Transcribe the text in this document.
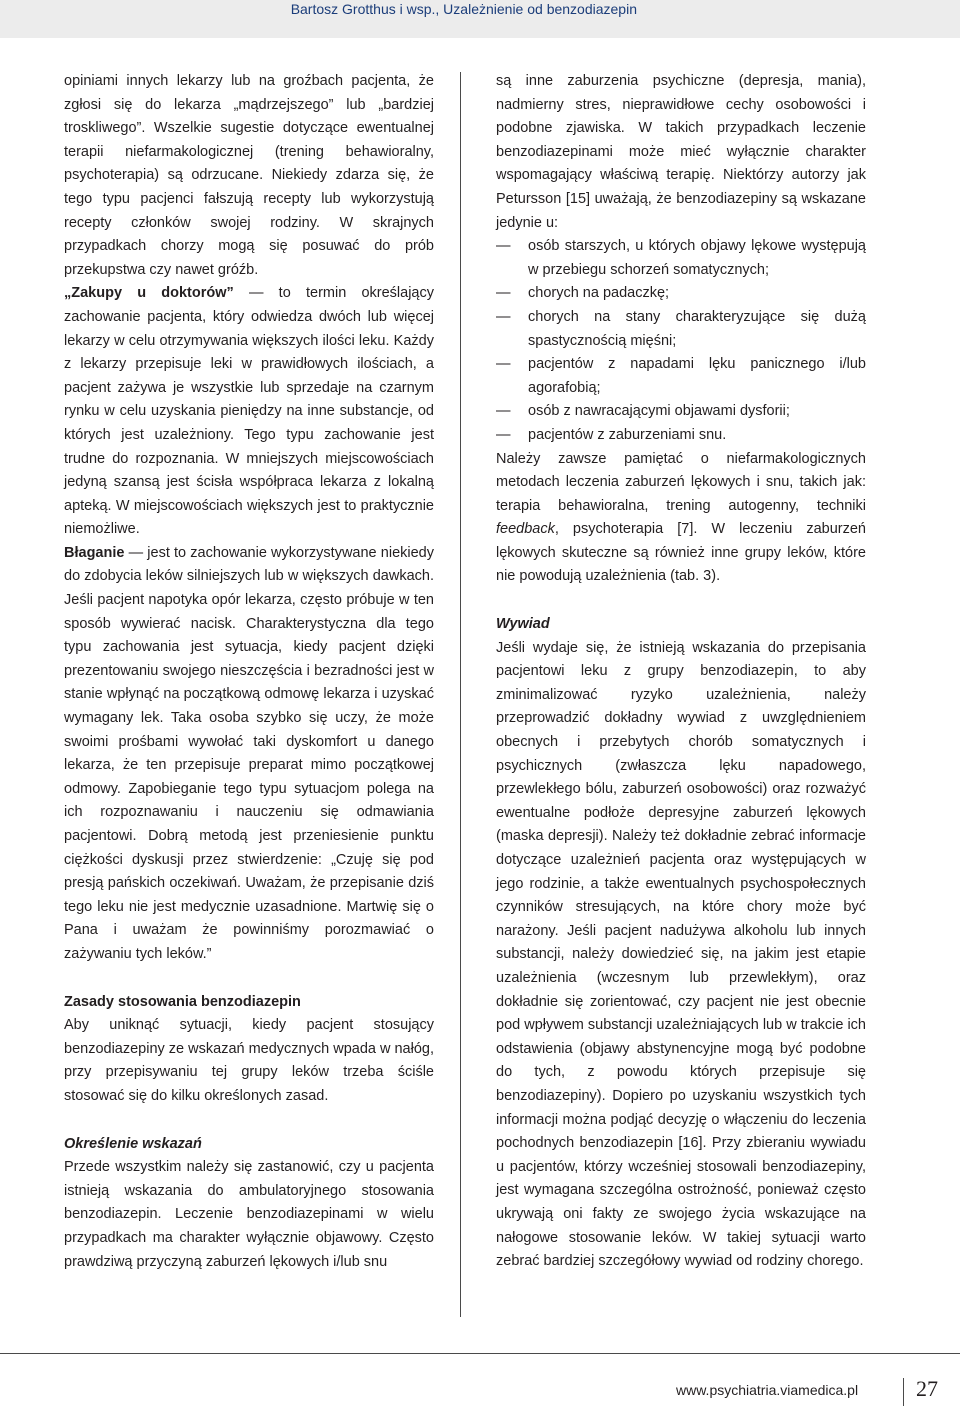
Bartosz Grotthus i wsp., Uzależnienie od benzodiazepin

opiniami innych lekarzy lub na groźbach pacjenta, że zgłosi się do lekarza „mądrzejszego” lub „bardziej troskliwego”. Wszelkie sugestie dotyczące ewentualnej terapii niefarmakologicznej (trening behawioralny, psychoterapia) są odrzucane. Niekiedy zdarza się, że tego typu pacjenci fałszują recepty lub wykorzystują recepty członków swojej rodziny. W skrajnych przypadkach chorzy mogą się posuwać do prób przekupstwa czy nawet gróźb.

„Zakupy u doktorów” — to termin określający zachowanie pacjenta, który odwiedza dwóch lub więcej lekarzy w celu otrzymywania większych ilości leku. Każdy z lekarzy przepisuje leki w prawidłowych ilościach, a pacjent zażywa je wszystkie lub sprzedaje na czarnym rynku w celu uzyskania pieniędzy na inne substancje, od których jest uzależniony. Tego typu zachowanie jest trudne do rozpoznania. W mniejszych miejscowościach jedyną szansą jest ścisła współpraca lekarza z lokalną apteką. W miejscowościach większych jest to praktycznie niemożliwe.

Błaganie — jest to zachowanie wykorzystywane niekiedy do zdobycia leków silniejszych lub w większych dawkach. Jeśli pacjent napotyka opór lekarza, często próbuje w ten sposób wywierać nacisk. Charakterystyczna dla tego typu zachowania jest sytuacja, kiedy pacjent dzięki prezentowaniu swojego nieszczęścia i bezradności jest w stanie wpłynąć na początkową odmowę lekarza i uzyskać wymagany lek. Taka osoba szybko się uczy, że może swoimi prośbami wywołać taki dyskomfort u danego lekarza, że ten przepisuje preparat mimo początkowej odmowy. Zapobieganie tego typu sytuacjom polega na ich rozpoznawaniu i nauczeniu się odmawiania pacjentowi. Dobrą metodą jest przeniesienie punktu ciężkości dyskusji przez stwierdzenie: „Czuję się pod presją pańskich oczekiwań. Uważam, że przepisanie dziś tego leku nie jest medycznie uzasadnione. Martwię się o Pana i uważam że powinniśmy porozmawiać o zażywaniu tych leków.”

Zasady stosowania benzodiazepin

Aby uniknąć sytuacji, kiedy pacjent stosujący benzodiazepiny ze wskazań medycznych wpada w nałóg, przy przepisywaniu tej grupy leków trzeba ściśle stosować się do kilku określonych zasad.

Określenie wskazań

Przede wszystkim należy się zastanowić, czy u pacjenta istnieją wskazania do ambulatoryjnego stosowania benzodiazepin. Leczenie benzodiazepinami w wielu przypadkach ma charakter wyłącznie objawowy. Często prawdziwą przyczyną zaburzeń lękowych i/lub snu

są inne zaburzenia psychiczne (depresja, mania), nadmierny stres, nieprawidłowe cechy osobowości i podobne zjawiska. W takich przypadkach leczenie benzodiazepinami może mieć wyłącznie charakter wspomagający właściwą terapię. Niektórzy autorzy jak Petursson [15] uważają, że benzodiazepiny są wskazane jedynie u:

— osób starszych, u których objawy lękowe występują w przebiegu schorzeń somatycznych;
— chorych na padaczkę;
— chorych na stany charakteryzujące się dużą spastycznością mięśni;
— pacjentów z napadami lęku panicznego i/lub agorafobią;
— osób z nawracającymi objawami dysforii;
— pacjentów z zaburzeniami snu.

Należy zawsze pamiętać o niefarmakologicznych metodach leczenia zaburzeń lękowych i snu, takich jak: terapia behawioralna, trening autogenny, techniki feedback, psychoterapia [7]. W leczeniu zaburzeń lękowych skuteczne są również inne grupy leków, które nie powodują uzależnienia (tab. 3).

Wywiad

Jeśli wydaje się, że istnieją wskazania do przepisania pacjentowi leku z grupy benzodiazepin, to aby zminimalizować ryzyko uzależnienia, należy przeprowadzić dokładny wywiad z uwzględnieniem obecnych i przebytych chorób somatycznych i psychicznych (zwłaszcza lęku napadowego, przewlekłego bólu, zaburzeń osobowości) oraz rozważyć ewentualne podłoże depresyjne zaburzeń lękowych (maska depresji). Należy też dokładnie zebrać informacje dotyczące uzależnień pacjenta oraz występujących w jego rodzinie, a także ewentualnych psychospołecznych czynników stresujących, na które chory może być narażony. Jeśli pacjent nadużywa alkoholu lub innych substancji, należy dowiedzieć się, na jakim jest etapie uzależnienia (wczesnym lub przewlekłym), oraz dokładnie się zorientować, czy pacjent nie jest obecnie pod wpływem substancji uzależniających lub w trakcie ich odstawienia (objawy abstynencyjne mogą być podobne do tych, z powodu których przepisuje się benzodiazepiny). Dopiero po uzyskaniu wszystkich tych informacji można podjąć decyzję o włączeniu do leczenia pochodnych benzodiazepin [16]. Przy zbieraniu wywiadu u pacjentów, którzy wcześniej stosowali benzodiazepiny, jest wymagana szczególna ostrożność, ponieważ często ukrywają oni fakty ze swojego życia wskazujące na nałogowe stosowanie leków. W takiej sytuacji warto zebrać bardziej szczegółowy wywiad od rodziny chorego.

www.psychiatria.viamedica.pl	27
